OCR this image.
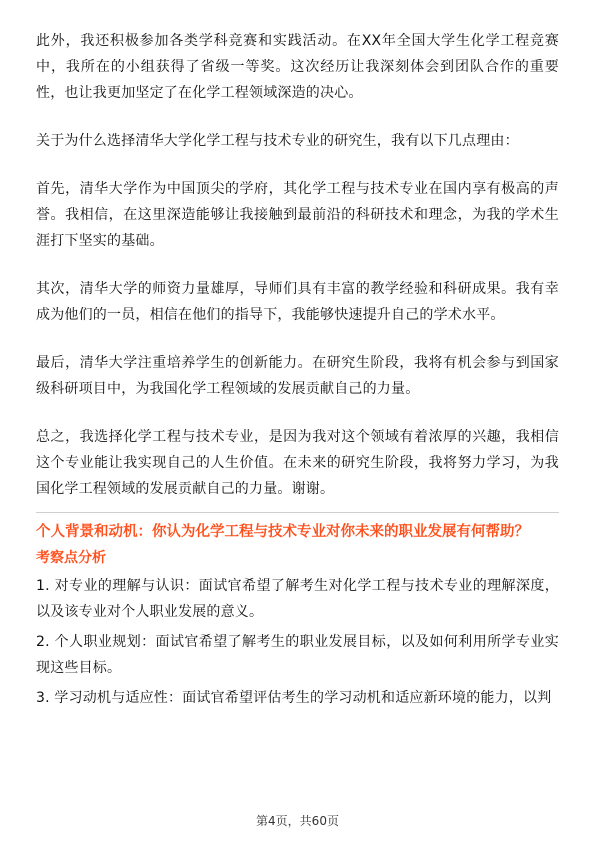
此外，我还积极参加各类学科竞赛和实践活动。在XX年全国大学生化学工程竞赛中，我所在的小组获得了省级一等奖。这次经历让我深刻体会到团队合作的重要性，也让我更加坚定了在化学工程领域深造的决心。

关于为什么选择清华大学化学工程与技术专业的研究生，我有以下几点理由：

首先，清华大学作为中国顶尖的学府，其化学工程与技术专业在国内享有极高的声誉。我相信，在这里深造能够让我接触到最前沿的科研技术和理念，为我的学术生涯打下坚实的基础。

其次，清华大学的师资力量雄厚，导师们具有丰富的教学经验和科研成果。我有幸成为他们的一员，相信在他们的指导下，我能够快速提升自己的学术水平。

最后，清华大学注重培养学生的创新能力。在研究生阶段，我将有机会参与到国家级科研项目中，为我国化学工程领域的发展贡献自己的力量。

总之，我选择化学工程与技术专业，是因为我对这个领域有着浓厚的兴趣，我相信这个专业能让我实现自己的人生价值。在未来的研究生阶段，我将努力学习，为我国化学工程领域的发展贡献自己的力量。谢谢。

个人背景和动机：你认为化学工程与技术专业对你未来的职业发展有何帮助？
考察点分析

1. 对专业的理解与认识：面试官希望了解考生对化学工程与技术专业的理解深度，以及该专业对个人职业发展的意义。

2. 个人职业规划：面试官希望了解考生的职业发展目标，以及如何利用所学专业实现这些目标。

3. 学习动机与适应性：面试官希望评估考生的学习动机和适应新环境的能力，以判

第4页，共60页
